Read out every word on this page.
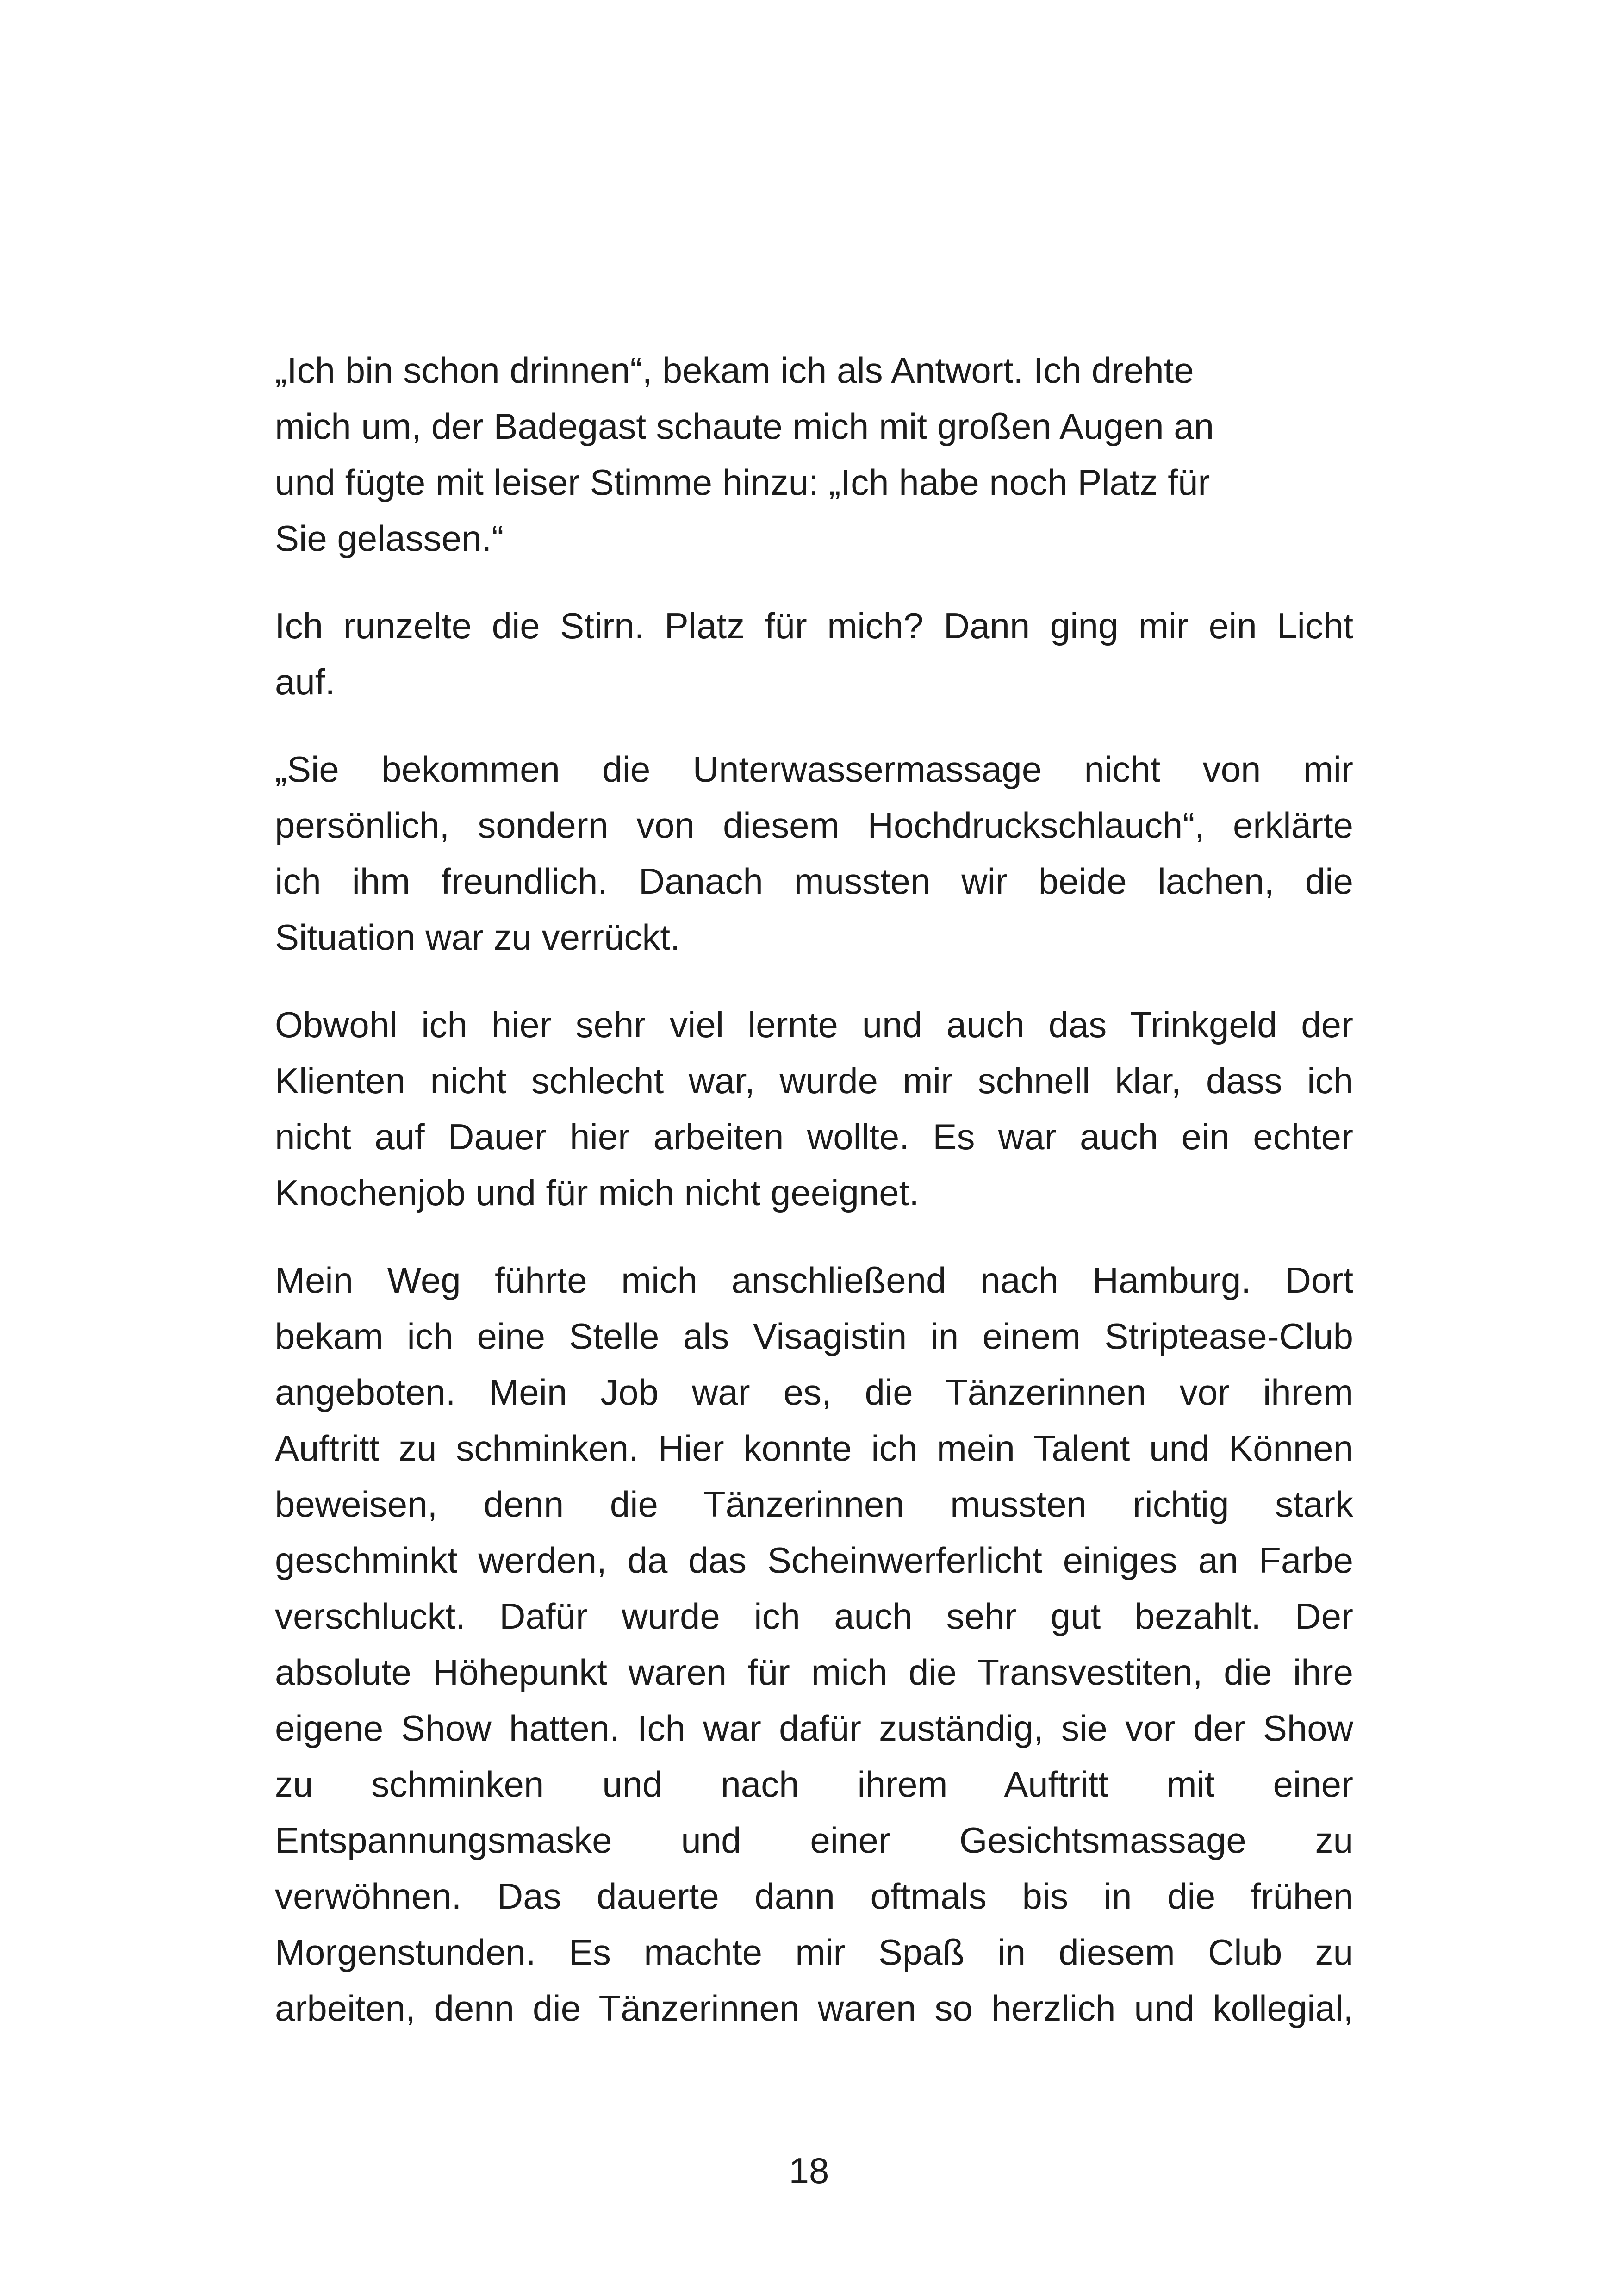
„Ich bin schon drinnen“, bekam ich als Antwort. Ich drehte
mich um, der Badegast schaute mich mit großen Augen an
und fügte mit leiser Stimme hinzu: „Ich habe noch Platz für
Sie gelassen.“
Ich runzelte die Stirn. Platz für mich? Dann ging mir ein Licht
auf.
„Sie bekommen die Unterwassermassage nicht von mir
persönlich, sondern von diesem Hochdruckschlauch“, erklärte
ich ihm freundlich. Danach mussten wir beide lachen, die
Situation war zu verrückt.
Obwohl ich hier sehr viel lernte und auch das Trinkgeld der
Klienten nicht schlecht war, wurde mir schnell klar, dass ich
nicht auf Dauer hier arbeiten wollte. Es war auch ein echter
Knochenjob und für mich nicht geeignet.
Mein Weg führte mich anschließend nach Hamburg. Dort
bekam ich eine Stelle als Visagistin in einem Striptease-Club
angeboten. Mein Job war es, die Tänzerinnen vor ihrem
Auftritt zu schminken. Hier konnte ich mein Talent und Können
beweisen, denn die Tänzerinnen mussten richtig stark
geschminkt werden, da das Scheinwerferlicht einiges an Farbe
verschluckt. Dafür wurde ich auch sehr gut bezahlt. Der
absolute Höhepunkt waren für mich die Transvestiten, die ihre
eigene Show hatten. Ich war dafür zuständig, sie vor der Show
zu schminken und nach ihrem Auftritt mit einer
Entspannungsmaske und einer Gesichtsmassage zu
verwöhnen. Das dauerte dann oftmals bis in die frühen
Morgenstunden. Es machte mir Spaß in diesem Club zu
arbeiten, denn die Tänzerinnen waren so herzlich und kollegial,
18
